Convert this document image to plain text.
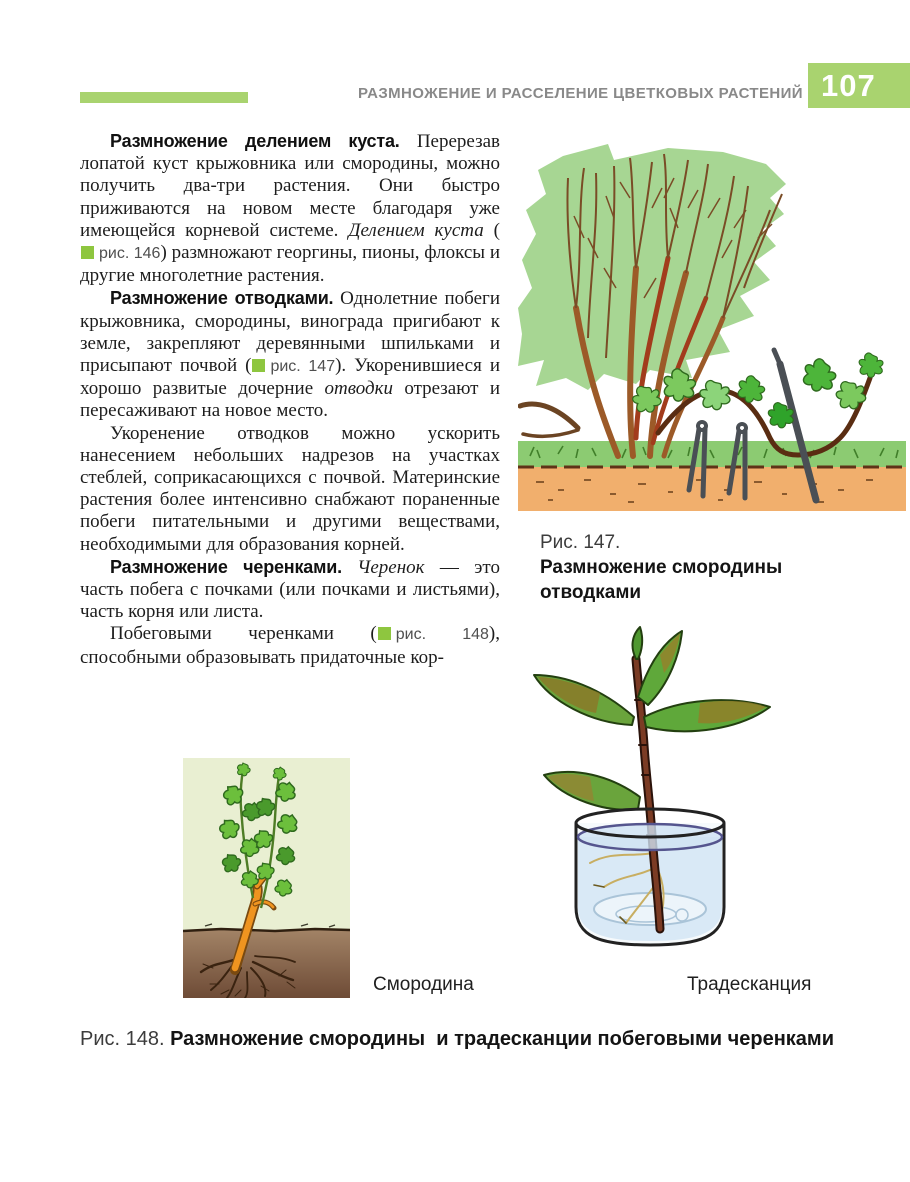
РАЗМНОЖЕНИЕ И РАССЕЛЕНИЕ ЦВЕТКОВЫХ РАСТЕНИЙ 107

Размножение делением куста. Перерезав лопатой куст крыжовника или смородины, можно получить два-три растения. Они быстро приживаются на новом месте благодаря уже имеющейся корневой системе. Делением куста (рис. 146) размножают георгины, пионы, флоксы и другие многолетние растения.

Размножение отводками. Однолетние побеги крыжовника, смородины, винограда пригибают к земле, закрепляют деревянными шпильками и присыпают почвой ( рис. 147). Укоренившиеся и хорошо развитые дочерние отводки отрезают и пересаживают на новое место.

Укоренение отводков можно ускорить нанесением небольших надрезов на участках стеблей, соприкасающихся с почвой. Материнские растения более интенсивно снабжают пораненные побеги питательными и другими веществами, необходимыми для образования корней.

Размножение черенками. Черенок — это часть побега с почками (или почками и листьями), часть корня или листа.

Побеговыми черенками ( рис. 148), способными образовывать придаточные кор-

Рис. 147.
Размножение смородины
отводками
Смородина	Традесканция
Рис. 148. Размножение смородины  и традесканции побеговыми черенками
